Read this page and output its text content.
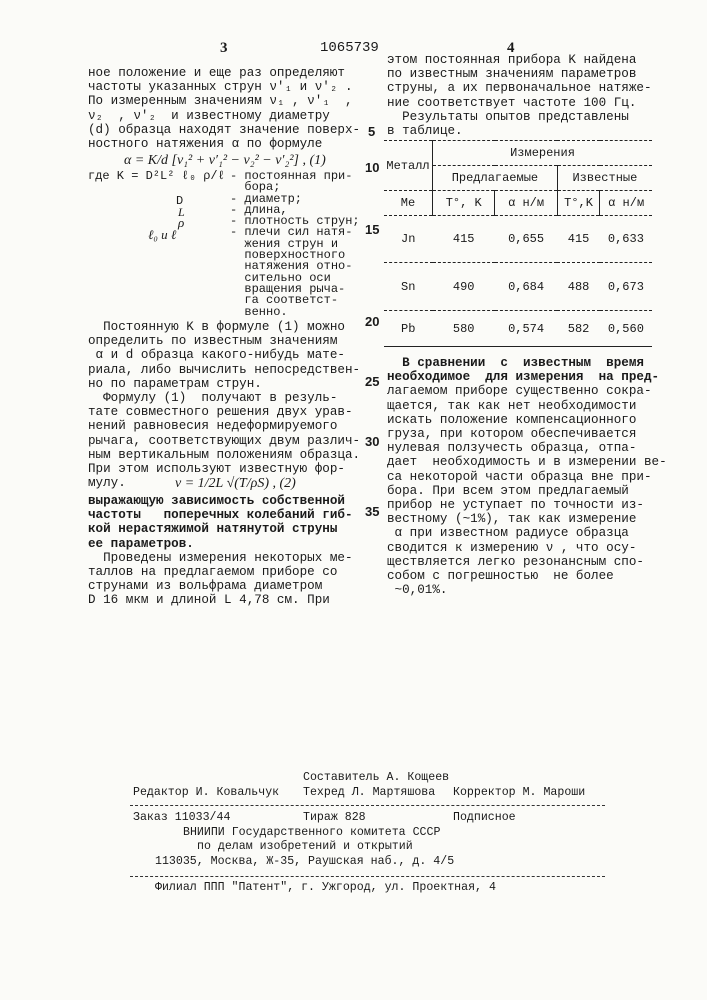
3	1065739	4
ное положение и еще раз определяют
частоты указанных струн ν′₁ и ν′₂ .
По измеренным значениям ν₁ , ν′₁  ,
ν₂  , ν′₂  и известному диаметру
(d) образца находят значение поверх-
ностного натяжения α по формуле
α = K/d [ν₁² + ν′₁² − ν₂² − ν′₂²] , (1)
где K = D²L² ℓ₀ ρ/ℓ
D
L
ρ
ℓ₀ и ℓ
- постоянная при-
бора;
- диаметр;
- длина,
- плотность струн;
- плечи сил натя-
жения струн и
поверхностного
натяжения отно-
сительно оси
вращения рыча-
га соответст-
венно.
Постоянную K в формуле (1) можно
определить по известным значениям
α и d образца какого-нибудь мате-
риала, либо вычислить непосредствен-
но по параметрам струн.
Формулу (1)  получают в резуль-
тате совместного решения двух урав-
нений равновесия недеформируемого
рычага, соответствующих двум различ-
ным вертикальным положениям образца.
При этом используют известную фор-
мулу.	ν = 1/2L √(T/ρS) , (2)
выражающую зависимость собственной
частоты   поперечных колебаний гиб-
кой нерастяжимой натянутой струны
ее параметров.
Проведены измерения некоторых ме-
таллов на предлагаемом приборе со
струнами из вольфрама диаметром
D 16 мкм и длиной L 4,78 см. При
5
10
15
20
25
30
35
этом постоянная прибора K найдена
по известным значениям параметров
струны, а их первоначальное натяже-
ние соответствует частоте 100 Гц.
Результаты опытов представлены
в таблице.
Металл	Измерения
Предлагаемые	Известные
Me	T°, K	α н/м	T°,K	α н/м
Jn	415	0,655	415	0,633
Sn	490	0,684	488	0,673
Pb	580	0,574	582	0,560
В сравнении  с  известным  время
необходимое  для измерения  на пред-
лагаемом приборе существенно сокра-
щается, так как нет необходимости
искать положение компенсационного
груза, при котором обеспечивается
нулевая ползучесть образца, отпа-
дает  необходимость и в измерении ве-
са некоторой части образца вне при-
бора. При всем этом предлагаемый
прибор не уступает по точности из-
вестному (~1%), так как измерение
α при известном радиусе образца
сводится к измерению ν , что осу-
ществляется легко резонансным спо-
собом с погрешностью  не более
~0,01%.
Составитель А. Кощеев
Редактор И. Ковальчук Техред Л. Мартяшова Корректор М. Мароши
Заказ 11033/44	Тираж 828	Подписное
ВНИИПИ Государственного комитета СССР
по делам изобретений и открытий
113035, Москва, Ж-35, Раушская наб., д. 4/5
Филиал ППП "Патент", г. Ужгород, ул. Проектная, 4
